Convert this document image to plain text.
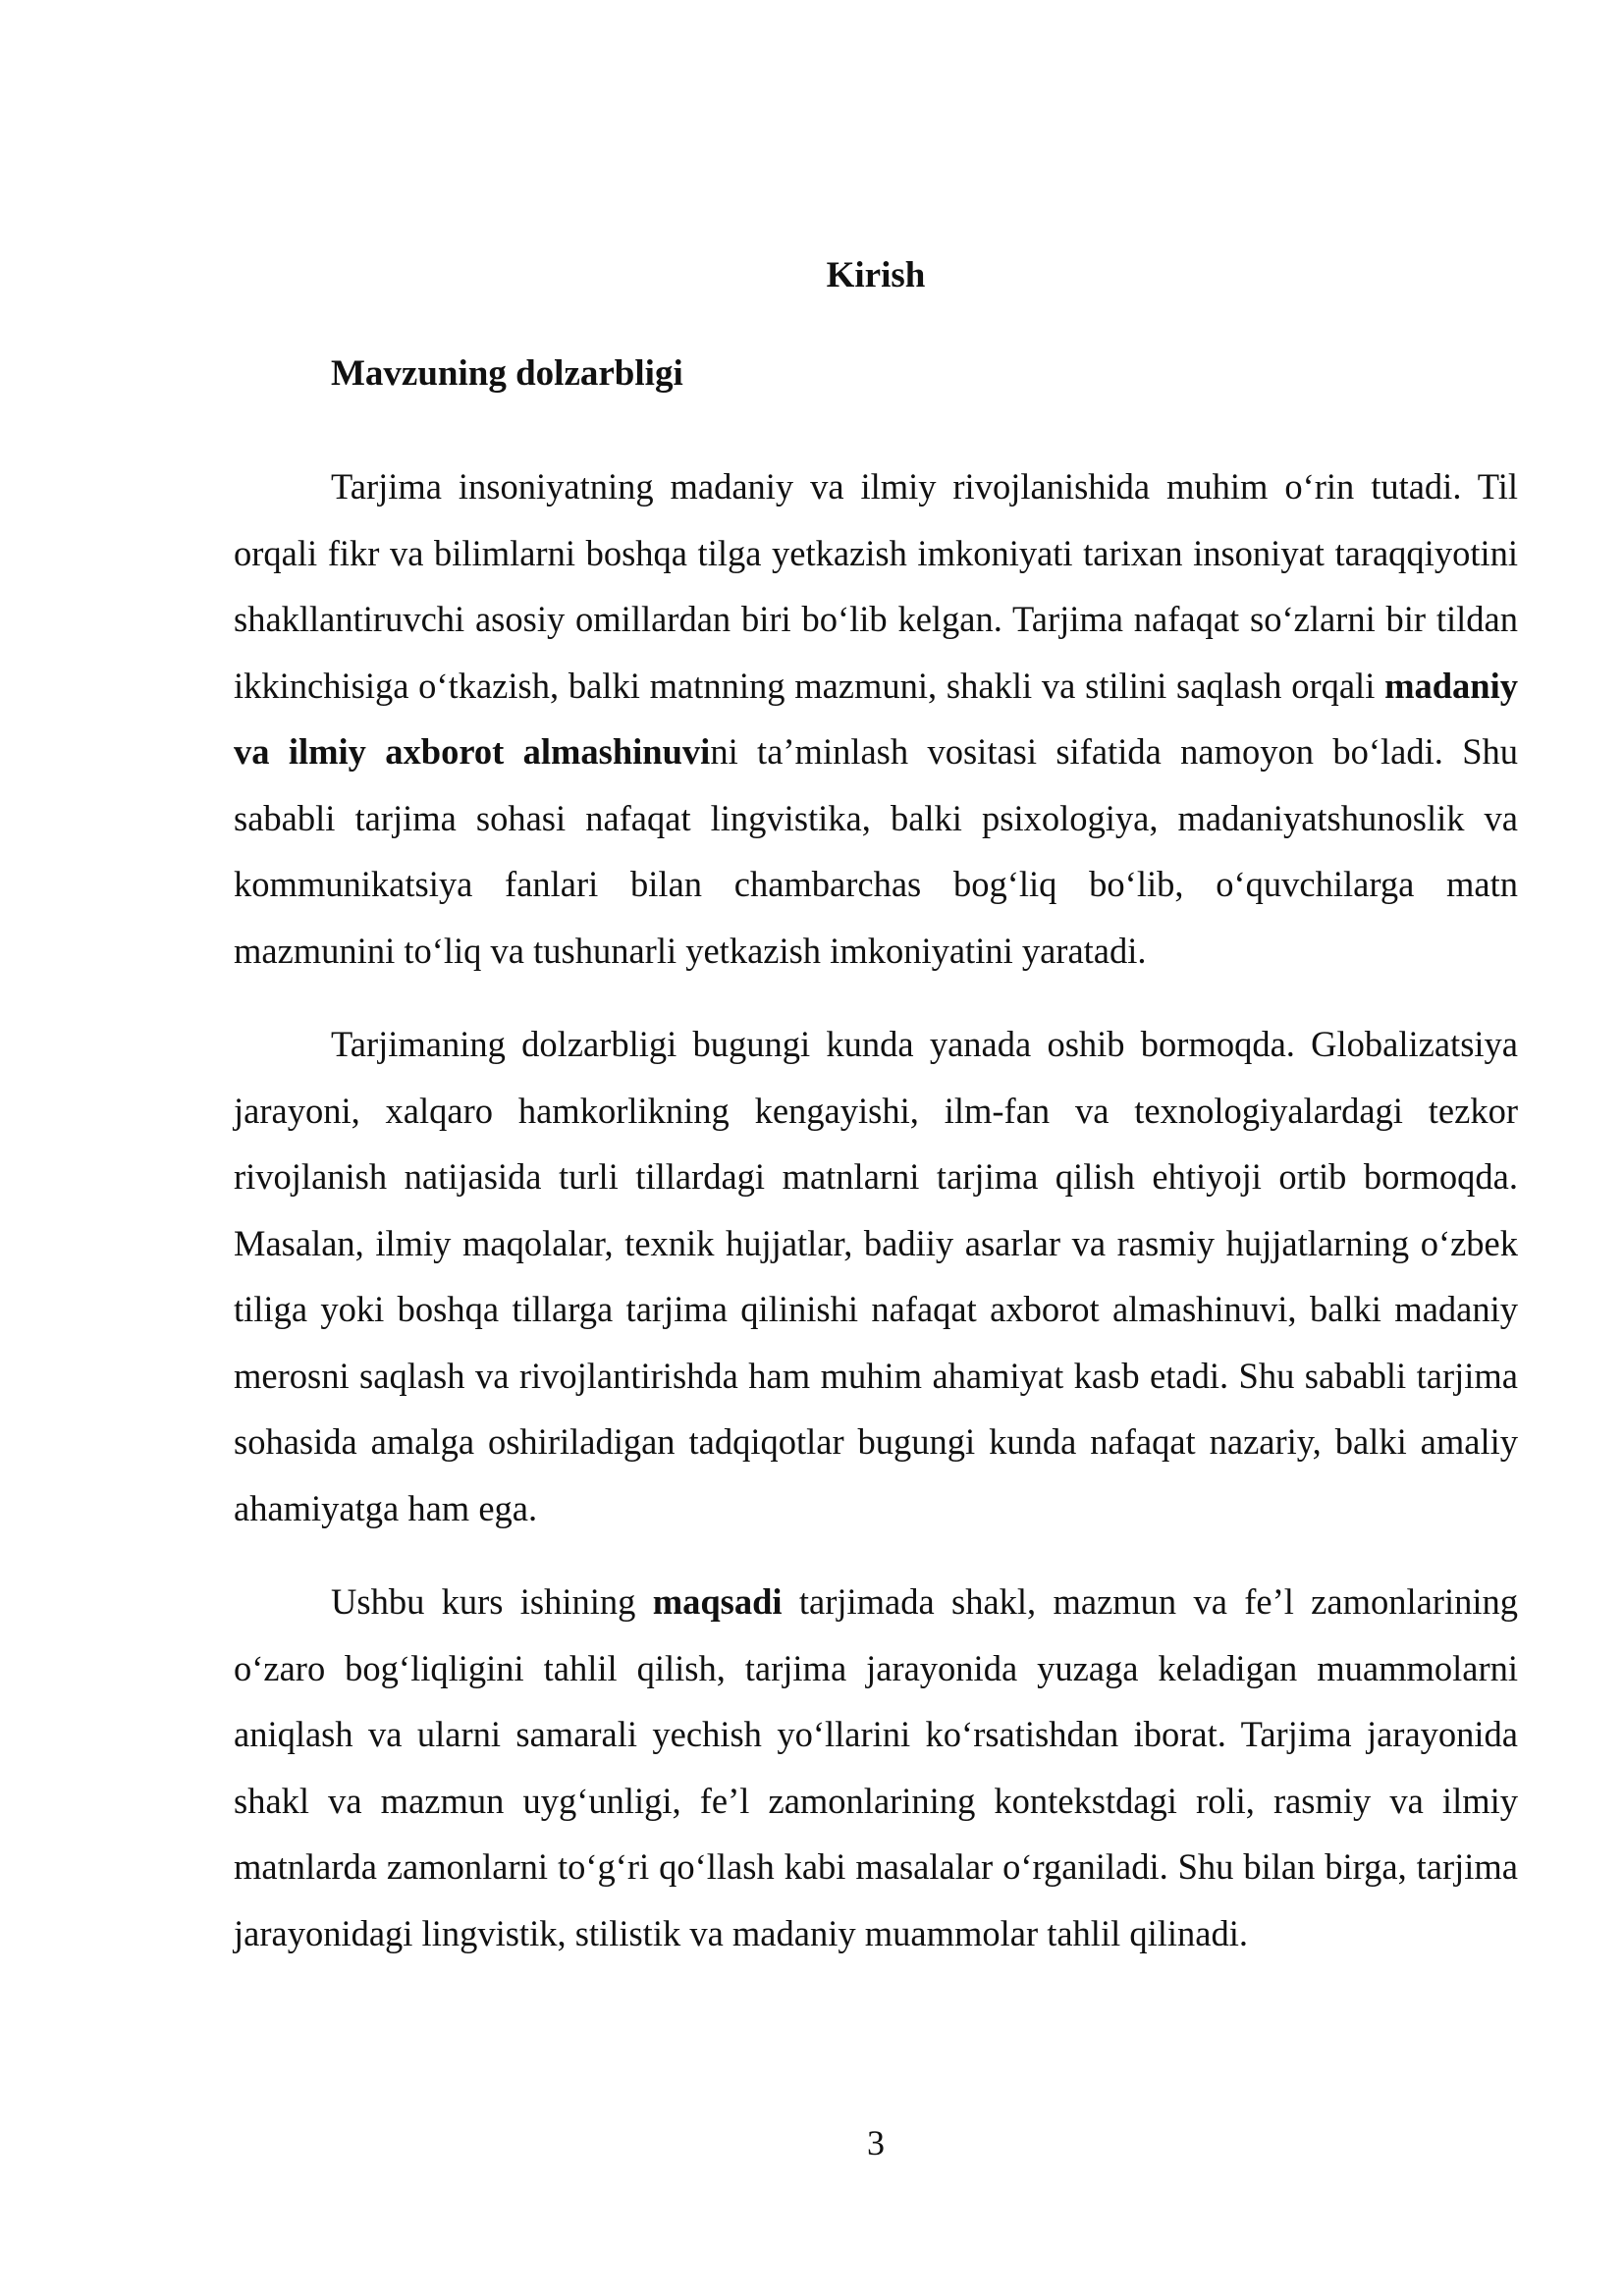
Kirish
Mavzuning dolzarbligi

Tarjima insoniyatning madaniy va ilmiy rivojlanishida muhim o‘rin tutadi. Til orqali fikr va bilimlarni boshqa tilga yetkazish imkoniyati tarixan insoniyat taraqqiyotini shakllantiruvchi asosiy omillardan biri bo‘lib kelgan. Tarjima nafaqat so‘zlarni bir tildan ikkinchisiga o‘tkazish, balki matnning mazmuni, shakli va stilini saqlash orqali madaniy va ilmiy axborot almashinuvini ta’minlash vositasi sifatida namoyon bo‘ladi. Shu sababli tarjima sohasi nafaqat lingvistika, balki psixologiya, madaniyatshunoslik va kommunikatsiya fanlari bilan chambarchas bog‘liq bo‘lib, o‘quvchilarga matn mazmunini to‘liq va tushunarli yetkazish imkoniyatini yaratadi.

Tarjimaning dolzarbligi bugungi kunda yanada oshib bormoqda. Globalizatsiya jarayoni, xalqaro hamkorlikning kengayishi, ilm-fan va texnologiyalardagi tezkor rivojlanish natijasida turli tillardagi matnlarni tarjima qilish ehtiyoji ortib bormoqda. Masalan, ilmiy maqolalar, texnik hujjatlar, badiiy asarlar va rasmiy hujjatlarning o‘zbek tiliga yoki boshqa tillarga tarjima qilinishi nafaqat axborot almashinuvi, balki madaniy merosni saqlash va rivojlantirishda ham muhim ahamiyat kasb etadi. Shu sababli tarjima sohasida amalga oshiriladigan tadqiqotlar bugungi kunda nafaqat nazariy, balki amaliy ahamiyatga ham ega.

Ushbu kurs ishining maqsadi tarjimada shakl, mazmun va fe’l zamonlarining o‘zaro bog‘liqligini tahlil qilish, tarjima jarayonida yuzaga keladigan muammolarni aniqlash va ularni samarali yechish yo‘llarini ko‘rsatishdan iborat. Tarjima jarayonida shakl va mazmun uyg‘unligi, fe’l zamonlarining kontekstdagi roli, rasmiy va ilmiy matnlarda zamonlarni to‘g‘ri qo‘llash kabi masalalar o‘rganiladi. Shu bilan birga, tarjima jarayonidagi lingvistik, stilistik va madaniy muammolar tahlil qilinadi.

3
